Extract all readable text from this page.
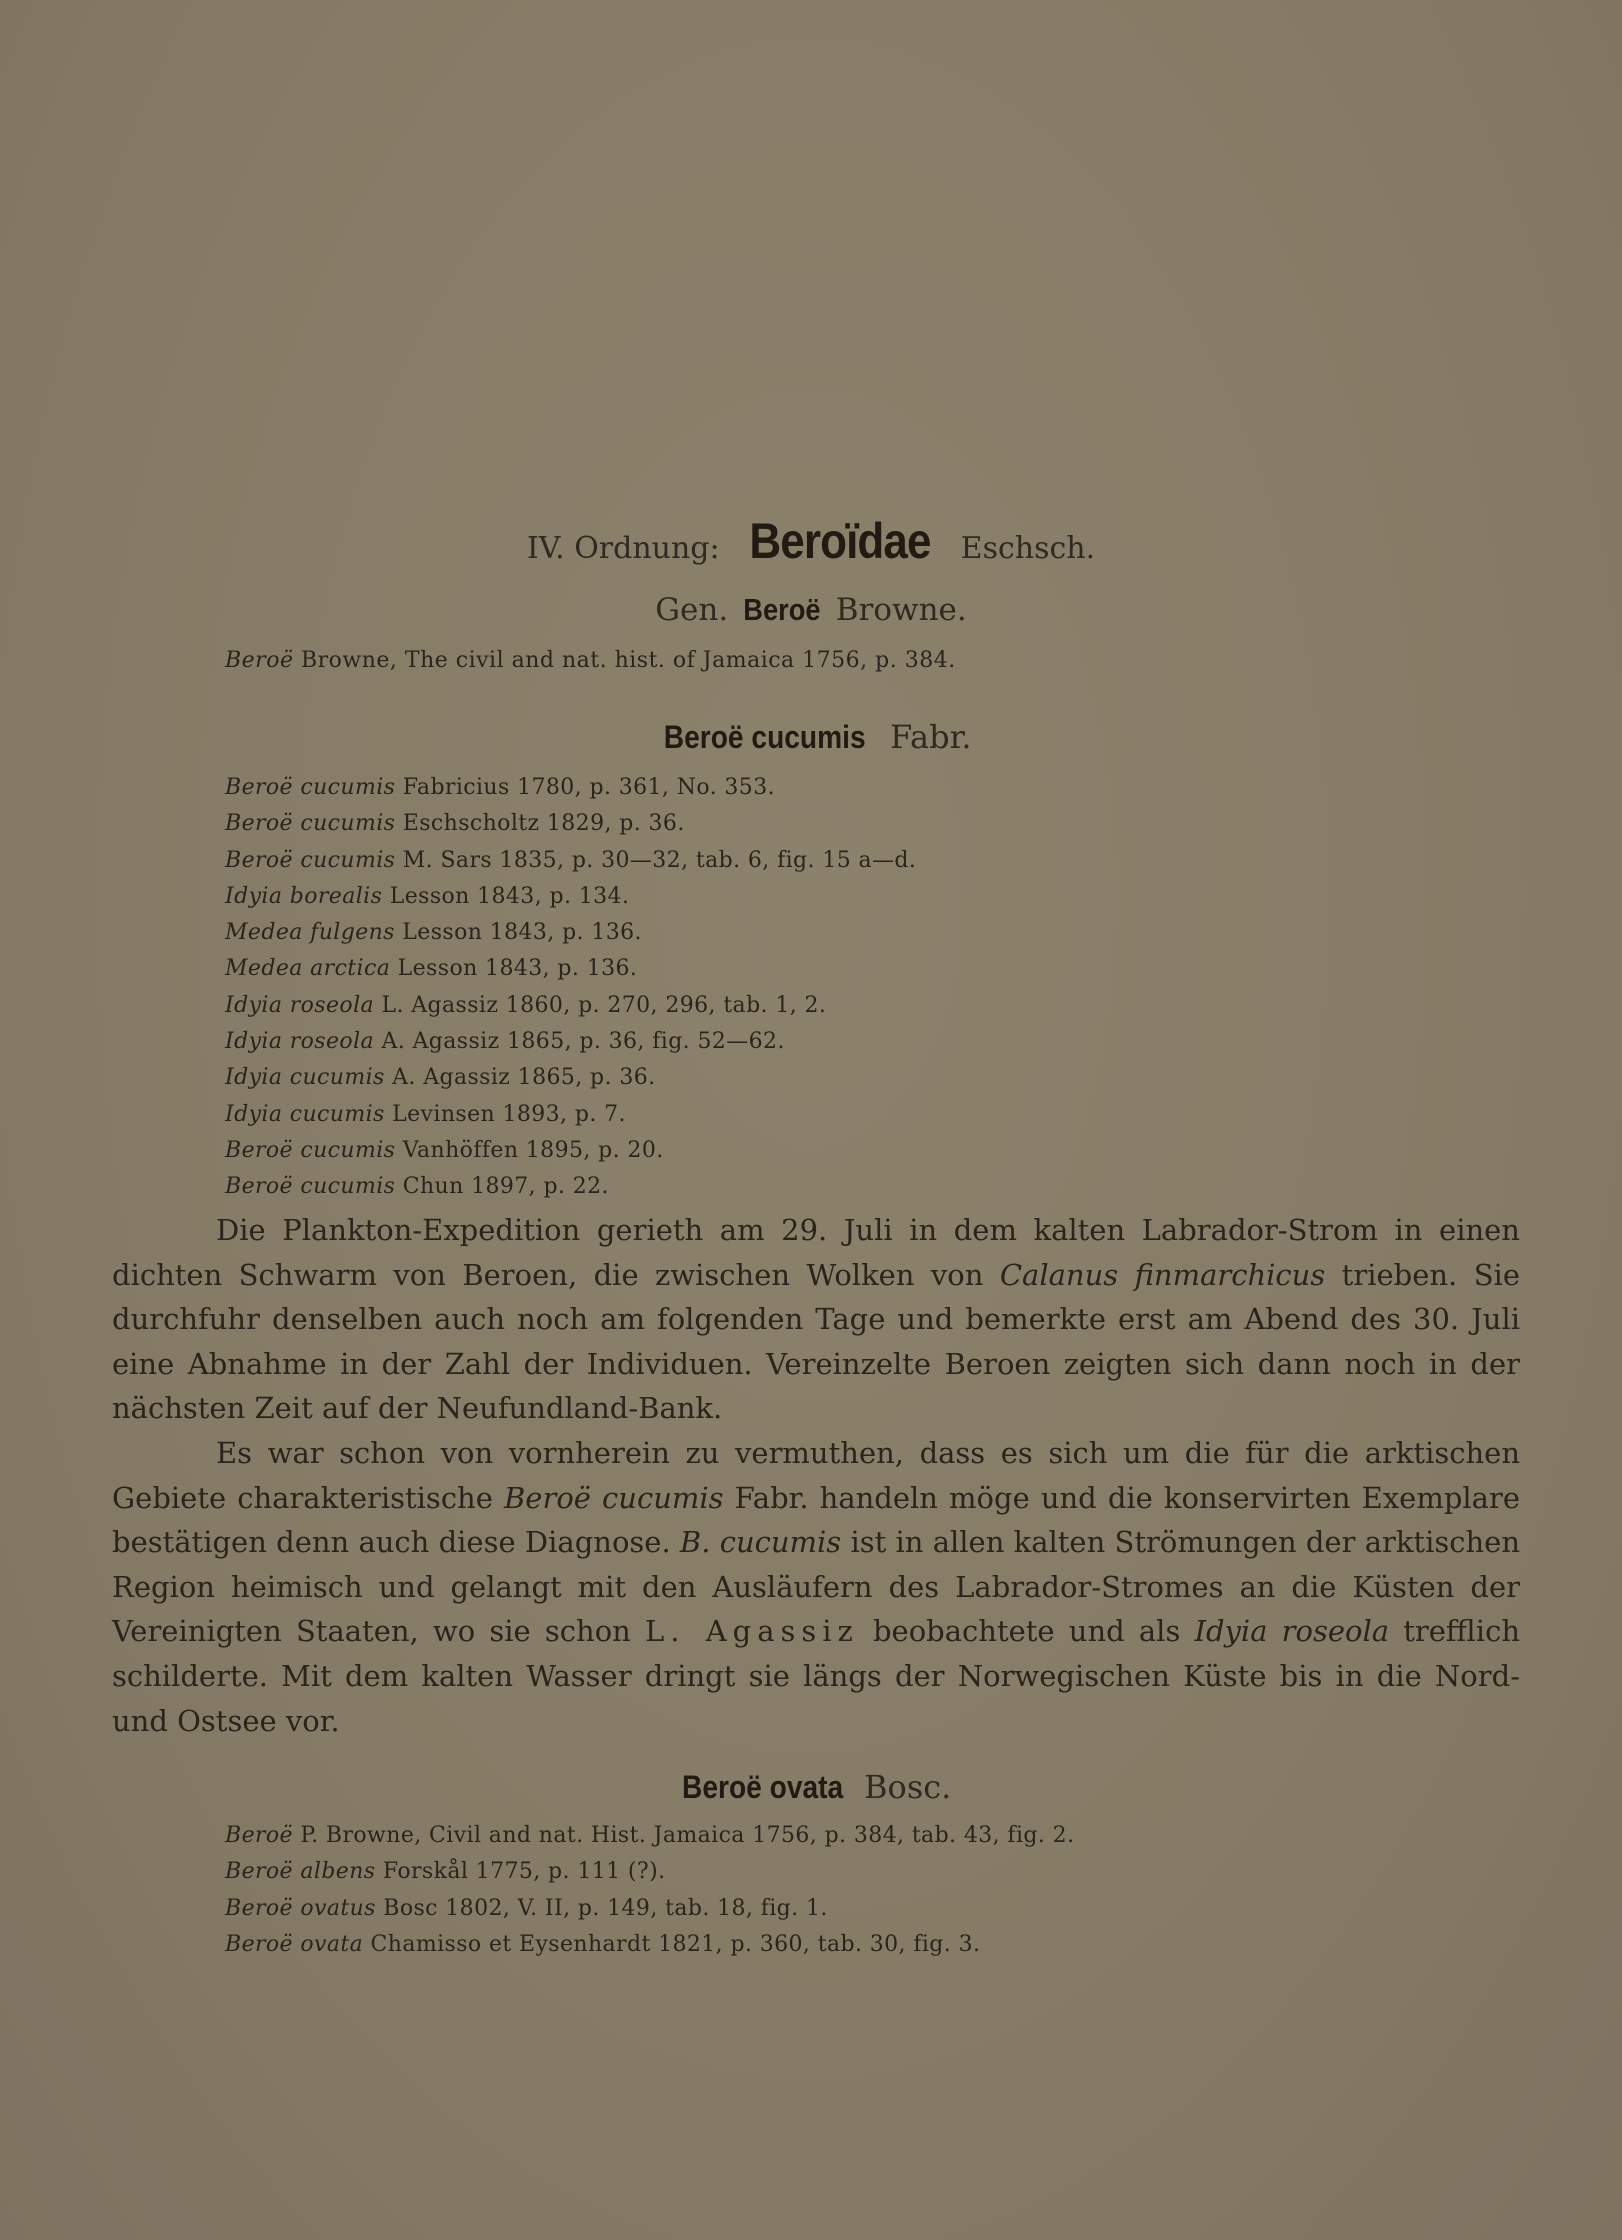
IV. Ordnung: Beroïdae Eschsch.
Gen. Beroë Browne.
Beroë Browne, The civil and nat. hist. of Jamaica 1756, p. 384.
Beroë cucumis Fabr.
Beroë cucumis Fabricius 1780, p. 361, No. 353.
Beroë cucumis Eschscholtz 1829, p. 36.
Beroë cucumis M. Sars 1835, p. 30—32, tab. 6, fig. 15 a—d.
Idyia borealis Lesson 1843, p. 134.
Medea fulgens Lesson 1843, p. 136.
Medea arctica Lesson 1843, p. 136.
Idyia roseola L. Agassiz 1860, p. 270, 296, tab. 1, 2.
Idyia roseola A. Agassiz 1865, p. 36, fig. 52—62.
Idyia cucumis A. Agassiz 1865, p. 36.
Idyia cucumis Levinsen 1893, p. 7.
Beroë cucumis Vanhöffen 1895, p. 20.
Beroë cucumis Chun 1897, p. 22.

Die Plankton-Expedition gerieth am 29. Juli in dem kalten Labrador-Strom in einen dichten Schwarm von Beroen, die zwischen Wolken von Calanus finmarchicus trieben. Sie durchfuhr denselben auch noch am folgenden Tage und bemerkte erst am Abend des 30. Juli eine Abnahme in der Zahl der Individuen. Vereinzelte Beroen zeigten sich dann noch in der nächsten Zeit auf der Neufundland-Bank.

Es war schon von vornherein zu vermuthen, dass es sich um die für die arktischen Gebiete charakteristische Beroë cucumis Fabr. handeln möge und die konservirten Exemplare bestätigen denn auch diese Diagnose. B. cucumis ist in allen kalten Strömungen der arktischen Region heimisch und gelangt mit den Ausläufern des Labrador-Stromes an die Küsten der Vereinigten Staaten, wo sie schon L. Agassiz beobachtete und als Idyia roseola trefflich schilderte. Mit dem kalten Wasser dringt sie längs der Norwegischen Küste bis in die Nord- und Ostsee vor.

Beroë ovata Bosc.
Beroë P. Browne, Civil and nat. Hist. Jamaica 1756, p. 384, tab. 43, fig. 2.
Beroë albens Forskål 1775, p. 111 (?).
Beroë ovatus Bosc 1802, V. II, p. 149, tab. 18, fig. 1.
Beroë ovata Chamisso et Eysenhardt 1821, p. 360, tab. 30, fig. 3.
